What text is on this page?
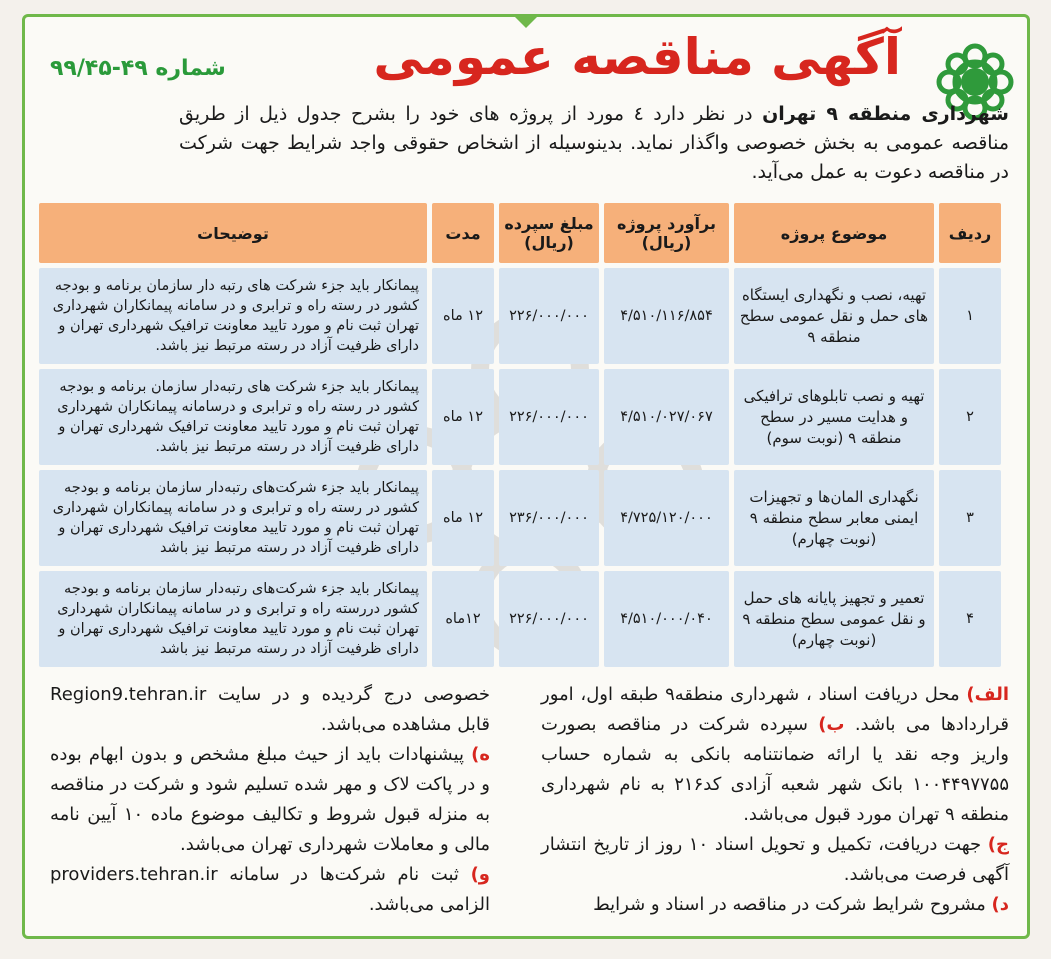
آگهی مناقصه عمومی
شماره ۴۹-۹۹/۴۵
شهرداری منطقه ۹ تهران در نظر دارد ٤ مورد از پروژه های خود را بشرح جدول ذیل از طریق مناقصه عمومی به بخش خصوصی واگذار نماید. بدینوسیله از اشخاص حقوقی واجد شرایط جهت شرکت در مناقصه دعوت به عمل می‌آید.
ردیف	موضوع پروژه	برآورد پروژه (ریال)	مبلغ سپرده (ریال)	مدت	توضیحات
۱	تهیه، نصب و نگهداری ایستگاه های حمل و نقل عمومی سطح منطقه ۹	۴/۵۱۰/۱۱۶/۸۵۴	۲۲۶/۰۰۰/۰۰۰	۱۲ ماه	پیمانکار باید جزء شرکت های رتبه دار سازمان برنامه و بودجه کشور در رسته راه و ترابری و در سامانه پیمانکاران شهرداری تهران ثبت نام و مورد تایید معاونت ترافیک شهرداری تهران و دارای ظرفیت آزاد در رسته مرتبط نیز باشد.
۲	تهیه و نصب تابلوهای ترافیکی و هدایت مسیر در سطح منطقه ۹ (نوبت سوم)	۴/۵۱۰/۰۲۷/۰۶۷	۲۲۶/۰۰۰/۰۰۰	۱۲ ماه	پیمانکار باید جزء شرکت های رتبه‌دار سازمان برنامه و بودجه کشور در رسته راه و ترابری و درسامانه پیمانکاران شهرداری تهران ثبت نام و مورد تایید معاونت ترافیک شهرداری تهران و دارای ظرفیت آزاد در رسته مرتبط نیز باشد.
۳	نگهداری المان‌ها و تجهیزات ایمنی معابر سطح منطقه ۹ (نوبت چهارم)	۴/۷۲۵/۱۲۰/۰۰۰	۲۳۶/۰۰۰/۰۰۰	۱۲ ماه	پیمانکار باید جزء شرکت‌های رتبه‌دار سازمان برنامه و بودجه کشور در رسته راه و ترابری و در سامانه پیمانکاران شهرداری تهران ثبت نام و مورد تایید معاونت ترافیک شهرداری تهران و دارای ظرفیت آزاد در رسته مرتبط نیز باشد
۴	تعمیر و تجهیز پایانه های حمل و نقل عمومی سطح منطقه ۹ (نوبت چهارم)	۴/۵۱۰/۰۰۰/۰۴۰	۲۲۶/۰۰۰/۰۰۰	۱۲ماه	پیمانکار باید جزء شرکت‌های رتبه‌دار سازمان برنامه و بودجه کشور دررسته راه و ترابری و در سامانه پیمانکاران شهرداری تهران ثبت نام و مورد تایید معاونت ترافیک شهرداری تهران و دارای ظرفیت آزاد در رسته مرتبط نیز باشد
الف) محل دریافت اسناد ، شهرداری منطقه۹ طبقه اول، امور قراردادها می باشد. ب) سپرده شرکت در مناقصه بصورت واریز وجه نقد یا ارائه ضمانتنامه بانکی به شماره حساب ۱۰۰۴۴۹۷۷۵۵ بانک شهر شعبه آزادی کد۲۱۶ به نام شهرداری منطقه ۹ تهران مورد قبول می‌باشد.
ج) جهت دریافت، تکمیل و تحویل اسناد ۱۰ روز از تاریخ انتشار آگهی فرصت می‌باشد.
د) مشروح شرایط شرکت در مناقصه در اسناد و شرایط
خصوصی درج گردیده و در سایت Region9.tehran.ir قابل مشاهده می‌باشد.
ه) پیشنهادات باید از حیث مبلغ مشخص و بدون ابهام بوده و در پاکت لاک و مهر شده تسلیم شود و شرکت در مناقصه به منزله قبول شروط و تکالیف موضوع ماده ۱۰ آیین نامه مالی و معاملات شهرداری تهران می‌باشد.
و) ثبت نام شرکت‌ها در سامانه providers.tehran.ir الزامی می‌باشد.
